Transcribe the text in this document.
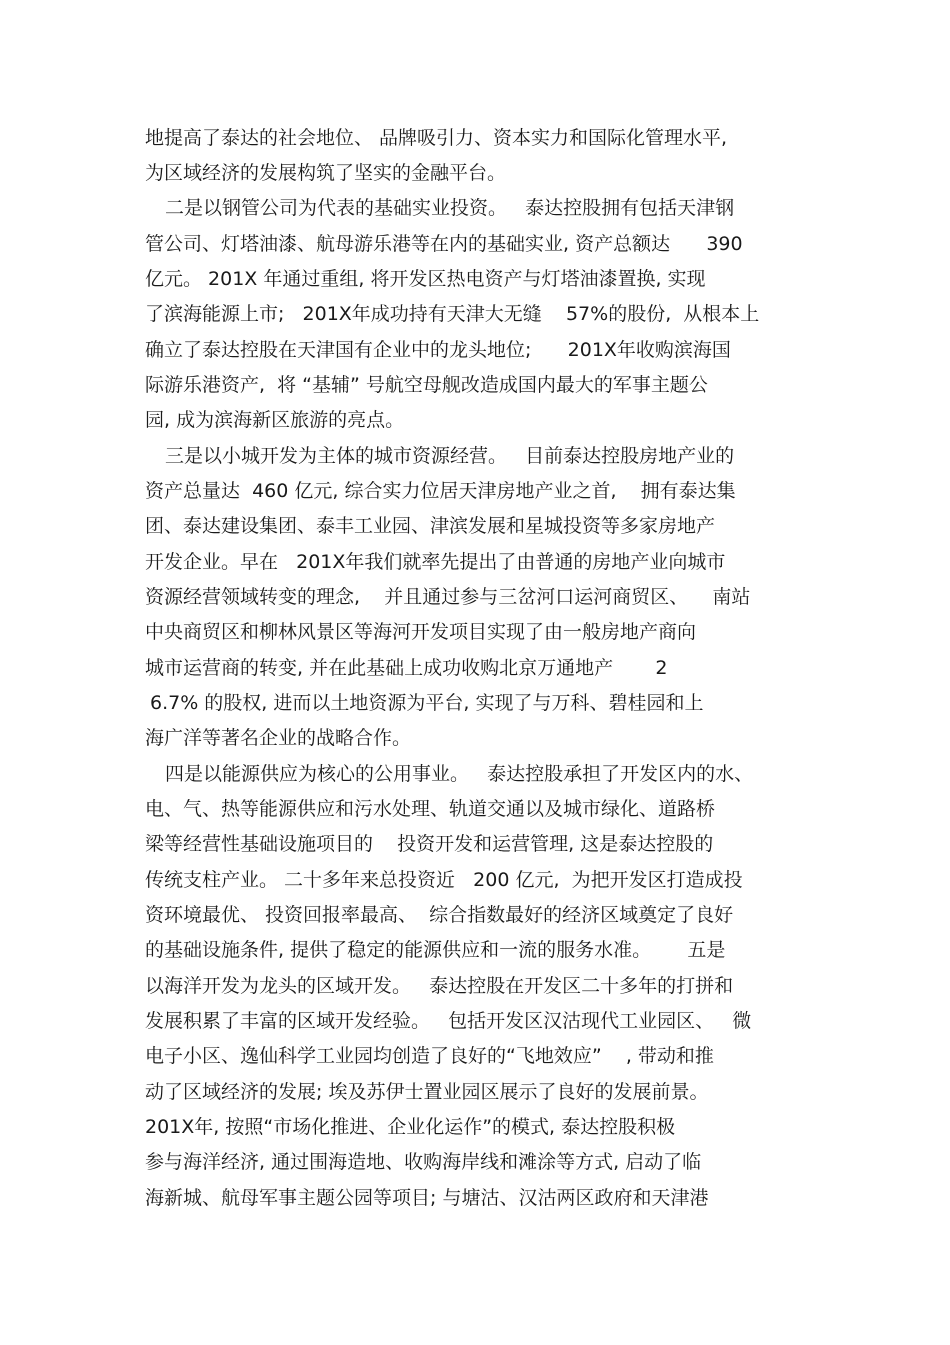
地提高了泰达的社会地位、 品牌吸引力、资本实力和国际化管理水平,
为区域经济的发展构筑了坚实的金融平台。
二是以钢管公司为代表的基础实业投资。   泰达控股拥有包括天津钢
管公司、灯塔油漆、航母游乐港等在内的基础实业, 资产总额达      390
亿元。 201X 年通过重组, 将开发区热电资产与灯塔油漆置换, 实现
了滨海能源上市;   201X年成功持有天津大无缝    57%的股份,  从根本上
确立了泰达控股在天津国有企业中的龙头地位;      201X年收购滨海国
际游乐港资产,  将 “基辅” 号航空母舰改造成国内最大的军事主题公
园, 成为滨海新区旅游的亮点。
三是以小城开发为主体的城市资源经营。   目前泰达控股房地产业的
资产总量达  460 亿元, 综合实力位居天津房地产业之首,    拥有泰达集
团、泰达建设集团、泰丰工业园、津滨发展和星城投资等多家房地产
开发企业。早在   201X年我们就率先提出了由普通的房地产业向城市
资源经营领域转变的理念,    并且通过参与三岔河口运河商贸区、    南站
中央商贸区和柳林风景区等海河开发项目实现了由一般房地产商向
城市运营商的转变, 并在此基础上成功收购北京万通地产       2
6.7% 的股权, 进而以土地资源为平台, 实现了与万科、碧桂园和上
海广洋等著名企业的战略合作。
四是以能源供应为核心的公用事业。   泰达控股承担了开发区内的水、
电、气、热等能源供应和污水处理、轨道交通以及城市绿化、道路桥
梁等经营性基础设施项目的    投资开发和运营管理, 这是泰达控股的
传统支柱产业。 二十多年来总投资近   200 亿元,  为把开发区打造成投
资环境最优、 投资回报率最高、  综合指数最好的经济区域奠定了良好
的基础设施条件, 提供了稳定的能源供应和一流的服务水准。      五是
以海洋开发为龙头的区域开发。   泰达控股在开发区二十多年的打拼和
发展积累了丰富的区域开发经验。   包括开发区汉沽现代工业园区、   微
电子小区、逸仙科学工业园均创造了良好的“飞地效应”    , 带动和推
动了区域经济的发展; 埃及苏伊士置业园区展示了良好的发展前景。
201X年, 按照“市场化推进、企业化运作”的模式, 泰达控股积极
参与海洋经济, 通过围海造地、收购海岸线和滩涂等方式, 启动了临
海新城、航母军事主题公园等项目; 与塘沽、汉沽两区政府和天津港
